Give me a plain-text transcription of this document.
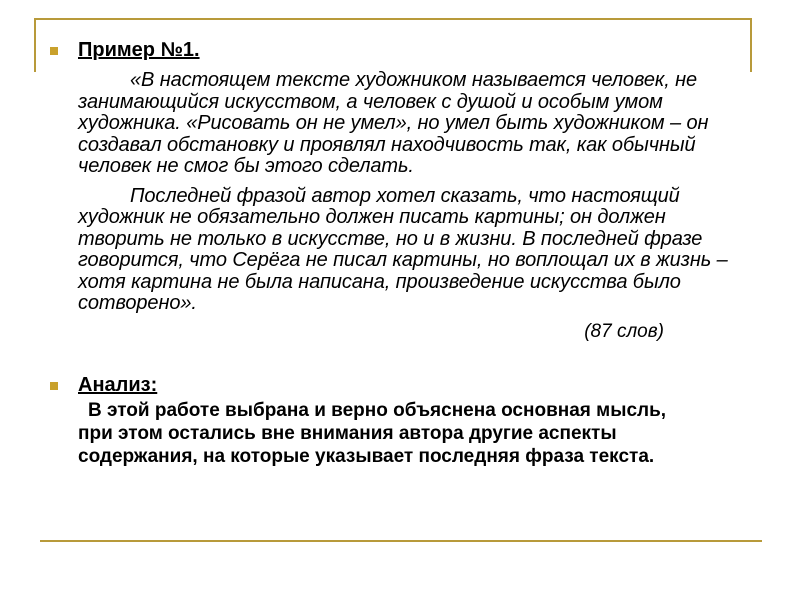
Пример №1.

«В настоящем тексте художником называется человек, не занимающийся искусством, а человек с душой и особым умом художника. «Рисовать он не умел», но умел быть художником – он создавал обстановку и проявлял находчивость так, как обычный человек не смог бы этого сделать.

Последней фразой автор хотел сказать, что настоящий художник не обязательно должен писать картины; он должен творить не только в искусстве, но и в жизни. В последней фразе говорится, что Серёга не писал картины, но воплощал их в жизнь – хотя картина не была написана, произведение искусства было сотворено».

(87 слов)

Анализ:

В этой работе выбрана и верно объяснена основная мысль, при этом остались вне внимания автора другие аспекты содержания, на которые указывает последняя фраза текста.
